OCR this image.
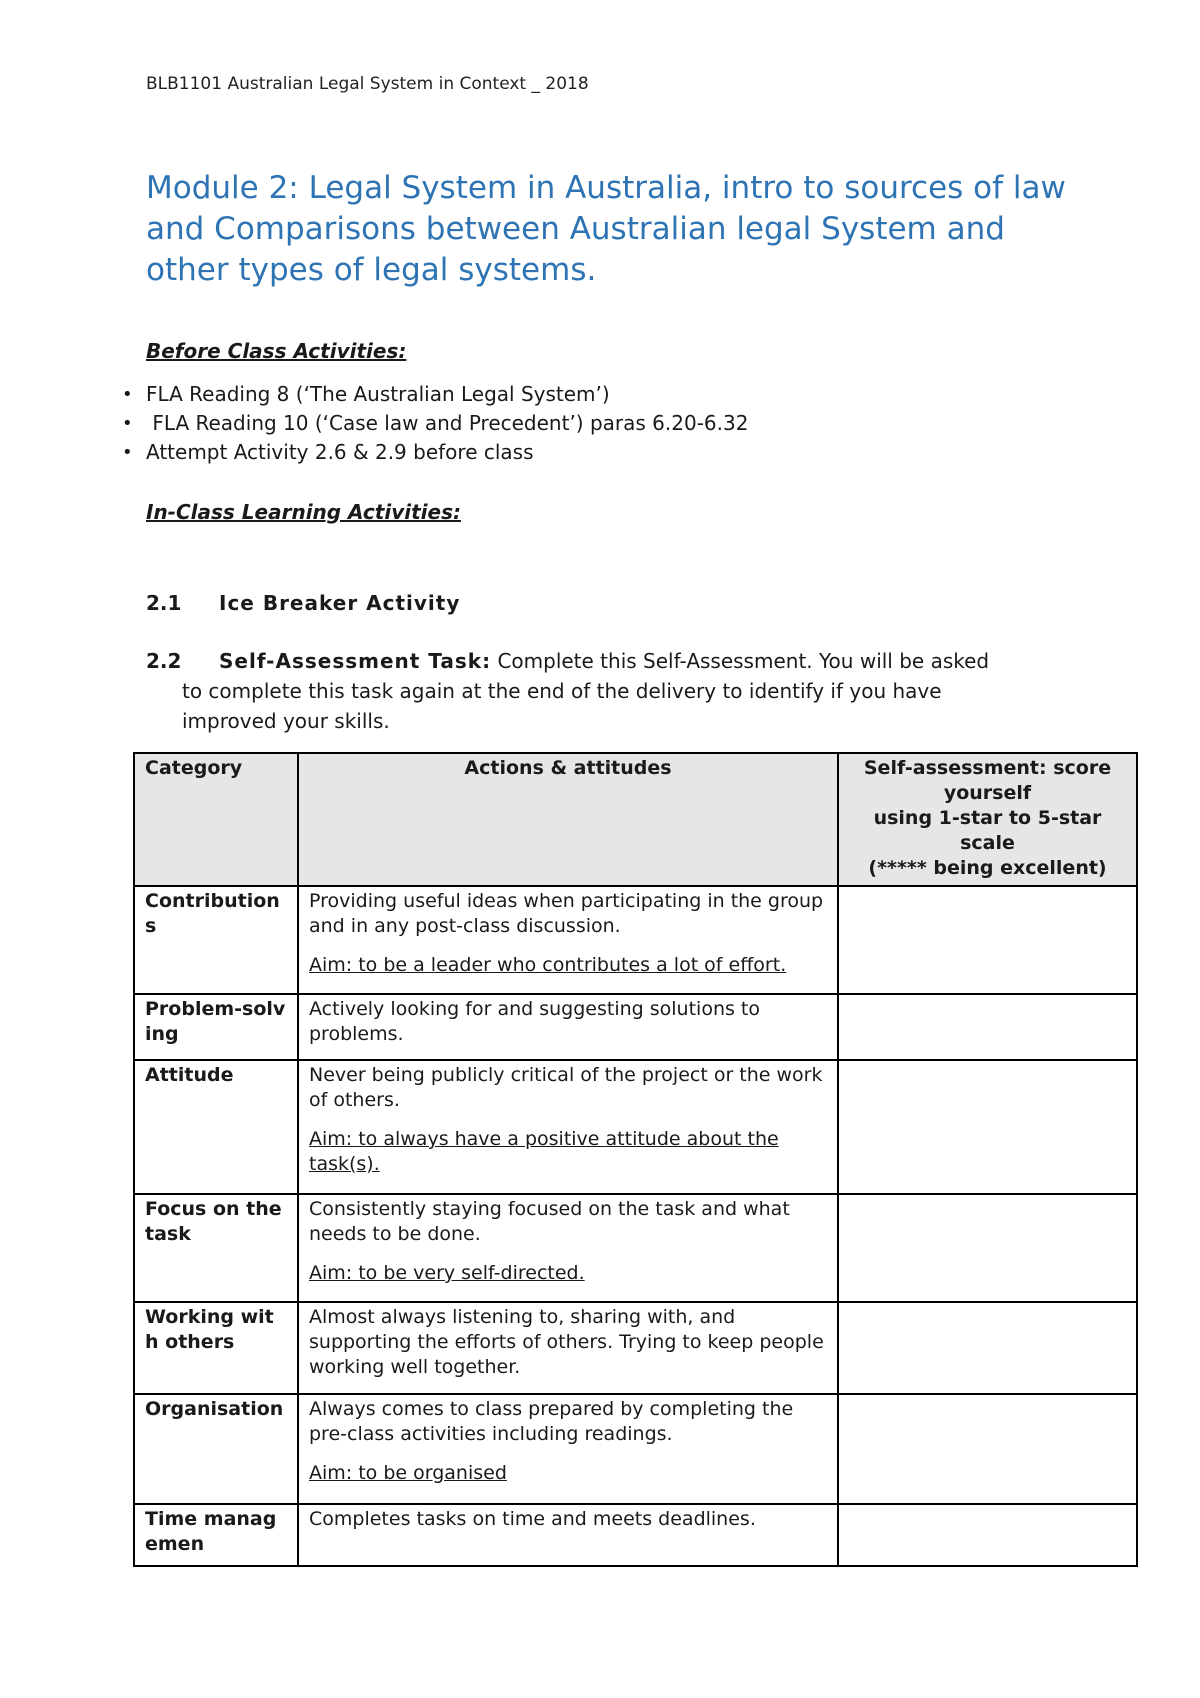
BLB1101 Australian Legal System in Context _ 2018
Module 2: Legal System in Australia, intro to sources of law and Comparisons between Australian legal System and other types of legal systems.

Before Class Activities:

• FLA Reading 8 (‘The Australian Legal System’)
• FLA Reading 10 (‘Case law and Precedent’) paras 6.20-6.32
• Attempt Activity 2.6 & 2.9 before class

In-Class Learning Activities:

2.1 Ice Breaker Activity
2.2 Self-Assessment Task: Complete this Self-Assessment. You will be asked
to complete this task again at the end of the delivery to identify if you have
improved your skills.
Category	Actions & attitudes	Self-assessment: score yourself
using 1-star to 5-star scale
(***** being excellent)

Contributions	Providing useful ideas when participating in the group and in any post-class discussion.

Aim: to be a leader who contributes a lot of effort.	

Problem-solving	Actively looking for and suggesting solutions to problems.	

Attitude	Never being publicly critical of the project or the work of others.

Aim: to always have a positive attitude about the task(s).	

Focus on the task	Consistently staying focused on the task and what needs to be done.

Aim: to be very self-directed.	

Working with others	Almost always listening to, sharing with, and supporting the efforts of others. Trying to keep people working well together.	

Organisation	Always comes to class prepared by completing the pre-class activities including readings.

Aim: to be organised	

Time managemen	Completes tasks on time and meets deadlines.	
